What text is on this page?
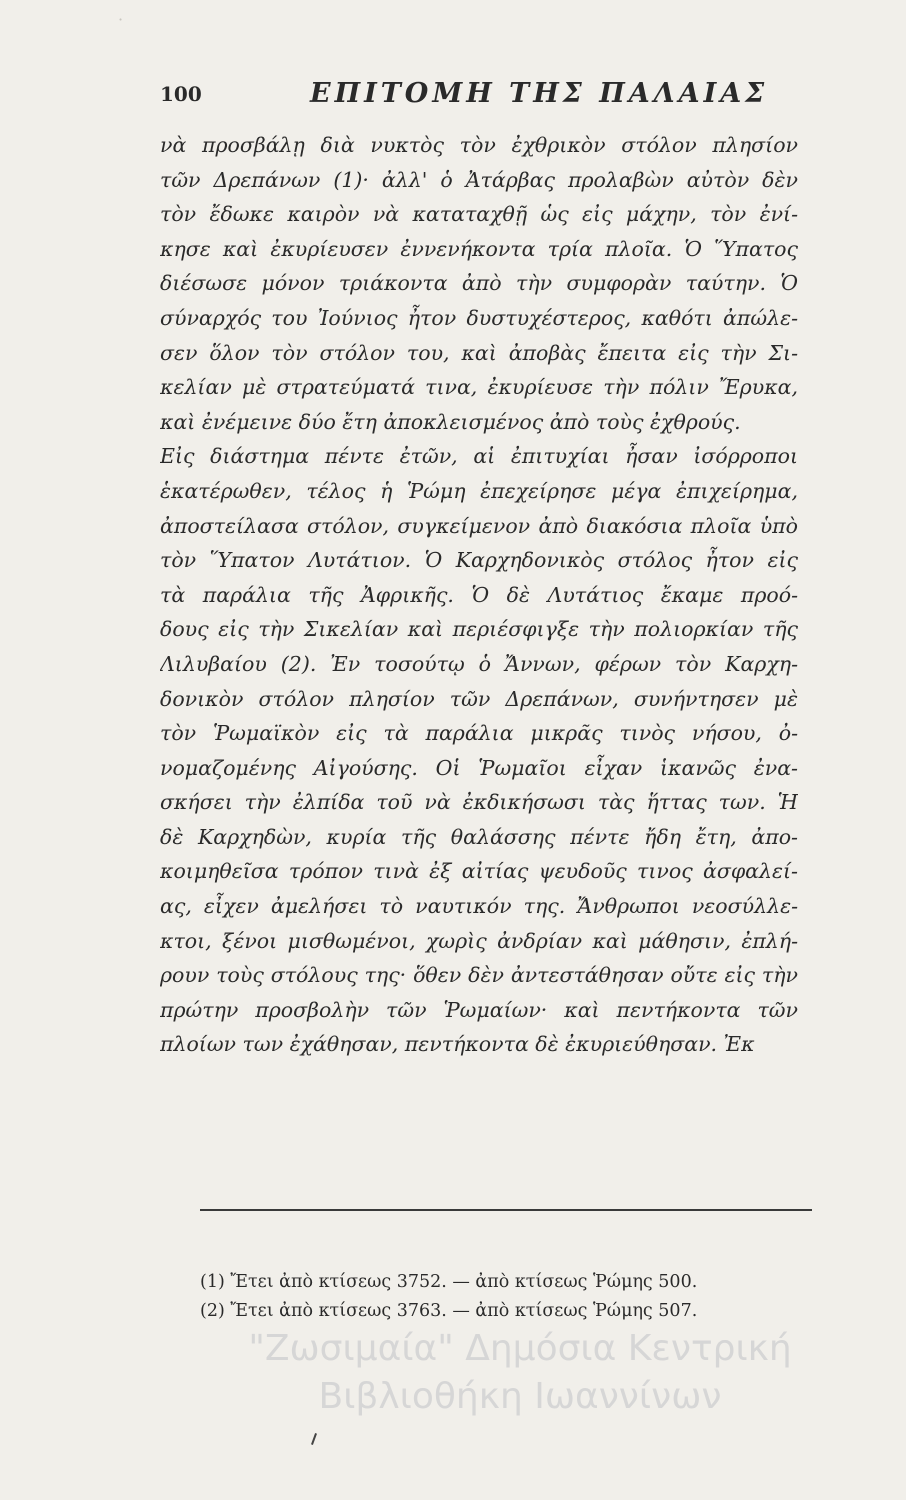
·
100	ΕΠΙΤΟΜΗ ΤΗΣ ΠΑΛΑΙΑΣ
νὰ προσβάλῃ διὰ νυκτὸς τὸν ἐχθρικὸν στόλον πλησίον
τῶν Δρεπάνων (1)· ἀλλ' ὁ Ἀτάρβας προλαβὼν αὐτὸν δὲν
τὸν ἔδωκε καιρὸν νὰ καταταχθῇ ὡς εἰς μάχην, τὸν ἐνί-
κησε καὶ ἐκυρίευσεν ἐννενήκοντα τρία πλοῖα. Ὁ Ὕπατος
διέσωσε μόνον τριάκοντα ἀπὸ τὴν συμφορὰν ταύτην. Ὁ
σύναρχός του Ἰούνιος ἦτον δυστυχέστερος, καθότι ἀπώλε-
σεν ὅλον τὸν στόλον του, καὶ ἀποβὰς ἔπειτα εἰς τὴν Σι-
κελίαν μὲ στρατεύματά τινα, ἐκυρίευσε τὴν πόλιν Ἔρυκα,
καὶ ἐνέμεινε δύο ἔτη ἀποκλεισμένος ἀπὸ τοὺς ἐχθρούς.
Εἰς διάστημα πέντε ἐτῶν, αἱ ἐπιτυχίαι ἦσαν ἰσόρροποι
ἑκατέρωθεν, τέλος ἡ Ῥώμη ἐπεχείρησε μέγα ἐπιχείρημα,
ἀποστείλασα στόλον, συγκείμενον ἀπὸ διακόσια πλοῖα ὑπὸ
τὸν Ὕπατον Λυτάτιον. Ὁ Καρχηδονικὸς στόλος ἦτον εἰς
τὰ παράλια τῆς Ἀφρικῆς. Ὁ δὲ Λυτάτιος ἔκαμε προό-
δους εἰς τὴν Σικελίαν καὶ περιέσφιγξε τὴν πολιορκίαν τῆς
Λιλυβαίου (2). Ἐν τοσούτῳ ὁ Ἄννων, φέρων τὸν Καρχη-
δονικὸν στόλον πλησίον τῶν Δρεπάνων, συνήντησεν μὲ
τὸν Ῥωμαϊκὸν εἰς τὰ παράλια μικρᾶς τινὸς νήσου, ὀ-
νομαζομένης Αἰγούσης. Οἱ Ῥωμαῖοι εἶχαν ἱκανῶς ἐνα-
σκήσει τὴν ἐλπίδα τοῦ νὰ ἐκδικήσωσι τὰς ἥττας των. Ἡ
δὲ Καρχηδὼν, κυρία τῆς θαλάσσης πέντε ἤδη ἔτη, ἀπο-
κοιμηθεῖσα τρόπον τινὰ ἐξ αἰτίας ψευδοῦς τινος ἀσφαλεί-
ας, εἶχεν ἀμελήσει τὸ ναυτικόν της. Ἄνθρωποι νεοσύλλε-
κτοι, ξένοι μισθωμένοι, χωρὶς ἀνδρίαν καὶ μάθησιν, ἐπλή-
ρουν τοὺς στόλους της· ὅθεν δὲν ἀντεστάθησαν οὔτε εἰς τὴν
πρώτην προσβολὴν τῶν Ῥωμαίων· καὶ πεντήκοντα τῶν
πλοίων των ἐχάθησαν, πεντήκοντα δὲ ἐκυριεύθησαν. Ἐκ
(1) Ἔτει ἀπὸ κτίσεως 3752. — ἀπὸ κτίσεως Ῥώμης 500.
(2) Ἔτει ἀπὸ κτίσεως 3763. — ἀπὸ κτίσεως Ῥώμης 507.
"Ζωσιμαία" Δημόσια Κεντρική
Βιβλιοθήκη Ιωαννίνων
